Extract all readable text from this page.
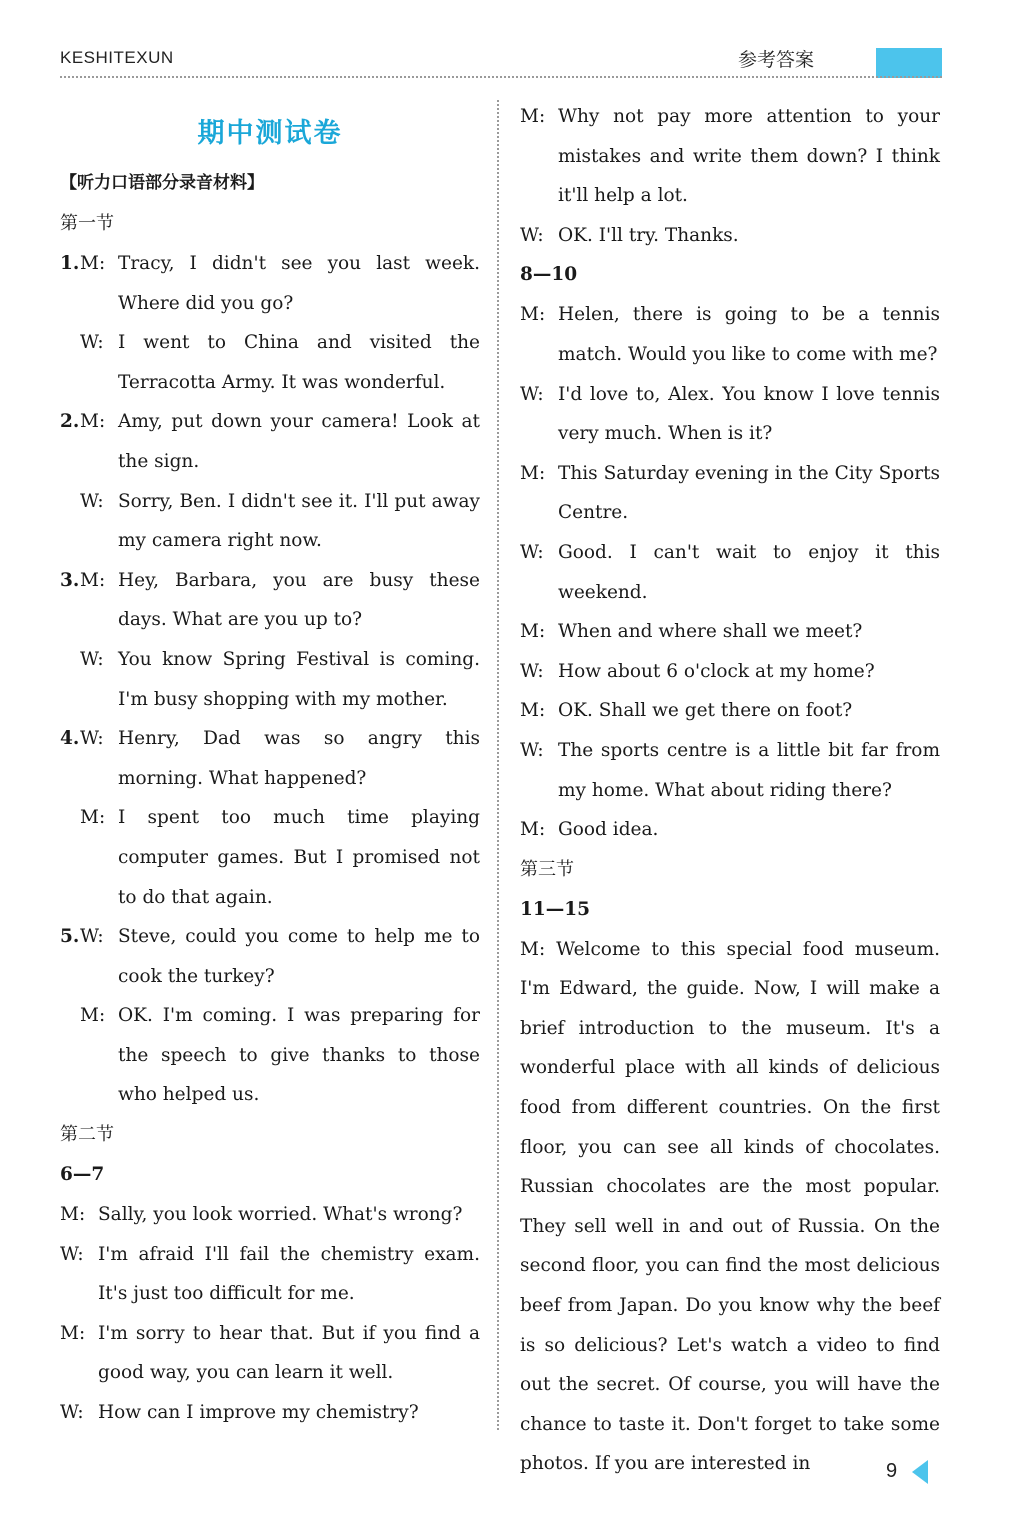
KESHITEXUN	参考答案
期中测试卷
【听力口语部分录音材料】
第一节
1. M: Tracy, I didn't see you last week. Where did you go?

W: I went to China and visited the Terracotta Army. It was wonderful.

2. M: Amy, put down your camera! Look at the sign.

W: Sorry, Ben. I didn't see it. I'll put away my camera right now.

3. M: Hey, Barbara, you are busy these days. What are you up to?

W: You know Spring Festival is coming. I'm busy shopping with my mother.

4. W: Henry, Dad was so angry this morning. What happened?

M: I spent too much time playing computer games. But I promised not to do that again.

5. W: Steve, could you come to help me to cook the turkey?

M: OK. I'm coming. I was preparing for the speech to give thanks to those who helped us.

第二节
6—7
M: Sally, you look worried. What's wrong?

W: I'm afraid I'll fail the chemistry exam. It's just too difficult for me.

M: I'm sorry to hear that. But if you find a good way, you can learn it well.

W: How can I improve my chemistry?

M: Why not pay more attention to your mistakes and write them down? I think it'll help a lot.

W: OK. I'll try. Thanks.

8—10
M: Helen, there is going to be a tennis match. Would you like to come with me?

W: I'd love to, Alex. You know I love tennis very much. When is it?

M: This Saturday evening in the City Sports Centre.

W: Good. I can't wait to enjoy it this weekend.

M: When and where shall we meet?

W: How about 6 o'clock at my home?

M: OK. Shall we get there on foot?

W: The sports centre is a little bit far from my home. What about riding there?

M: Good idea.

第三节
11—15

M: Welcome to this special food museum. I'm Edward, the guide. Now, I will make a brief introduction to the museum. It's a wonderful place with all kinds of delicious food from different countries. On the first floor, you can see all kinds of chocolates. Russian chocolates are the most popular. They sell well in and out of Russia. On the second floor, you can find the most delicious beef from Japan. Do you know why the beef is so delicious? Let's watch a video to find out the secret. Of course, you will have the chance to taste it. Don't forget to take some photos. If you are interested in	9
